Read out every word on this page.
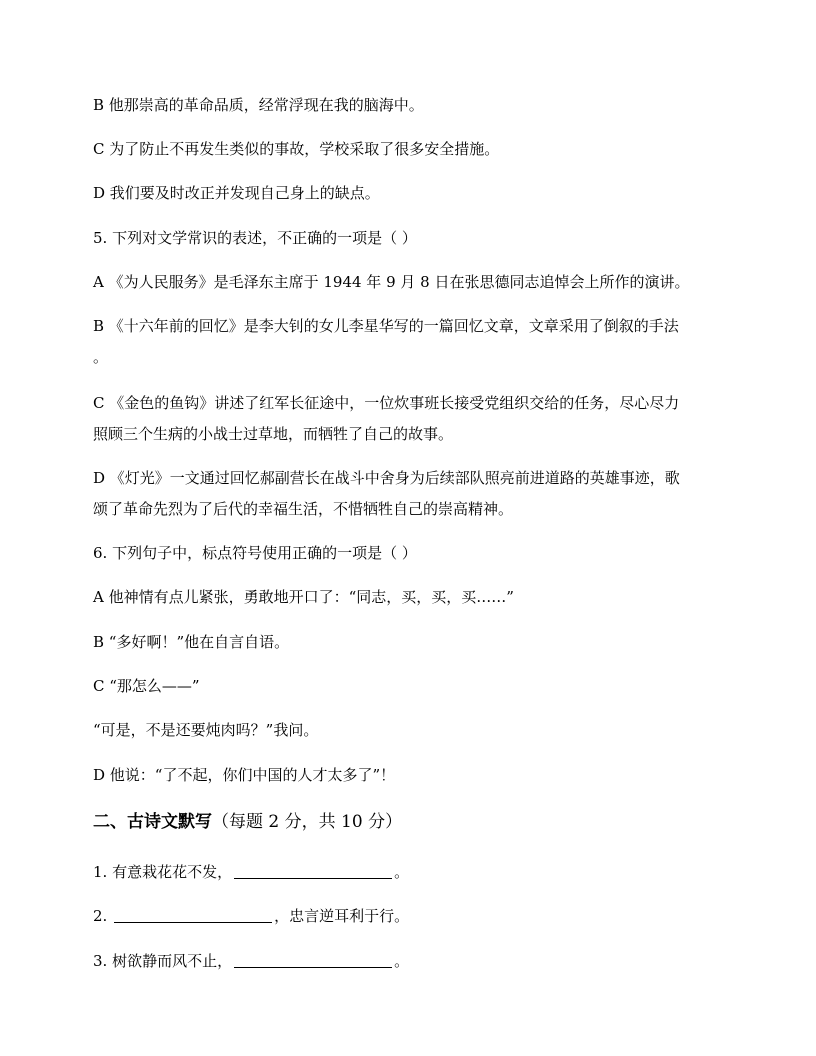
B 他那崇高的革命品质，经常浮现在我的脑海中。
C 为了防止不再发生类似的事故，学校采取了很多安全措施。
D 我们要及时改正并发现自己身上的缺点。
5. 下列对文学常识的表述，不正确的一项是（ ）
A 《为人民服务》是毛泽东主席于 1944 年 9 月 8 日在张思德同志追悼会上所作的演讲。
B 《十六年前的回忆》是李大钊的女儿李星华写的一篇回忆文章，文章采用了倒叙的手法
。
C 《金色的鱼钩》讲述了红军长征途中，一位炊事班长接受党组织交给的任务，尽心尽力
照顾三个生病的小战士过草地，而牺牲了自己的故事。
D 《灯光》一文通过回忆郝副营长在战斗中舍身为后续部队照亮前进道路的英雄事迹，歌
颂了革命先烈为了后代的幸福生活，不惜牺牲自己的崇高精神。
6. 下列句子中，标点符号使用正确的一项是（ ）
A 他神情有点儿紧张，勇敢地开口了：“同志，买，买，买……”
B “多好啊！”他在自言自语。
C “那怎么——”
“可是，不是还要炖肉吗？”我问。
D 他说：“了不起，你们中国的人才太多了”！
二、古诗文默写（每题 2 分，共 10 分）
1. 有意栽花花不发，	。
2.	，忠言逆耳利于行。
3. 树欲静而风不止，	。
